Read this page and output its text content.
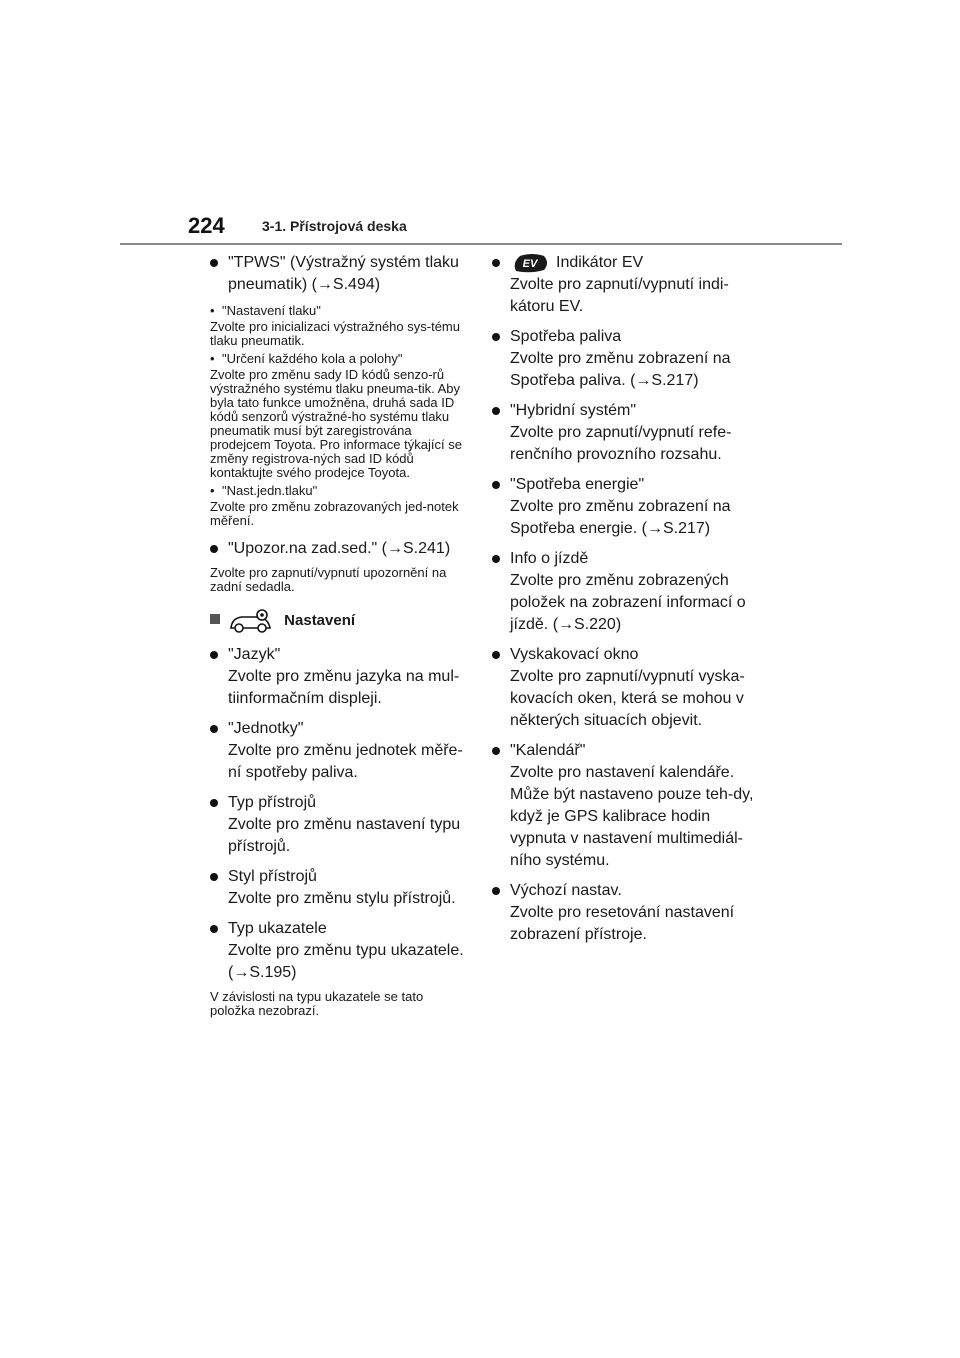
224	3-1. Přístrojová deska
"TPWS" (Výstražný systém tlaku
pneumatik) (→S.494)
• "Nastavení tlaku"
Zvolte pro inicializaci výstražného sys-tému tlaku pneumatik.
• "Určení každého kola a polohy"
Zvolte pro změnu sady ID kódů senzo-rů výstražného systému tlaku pneuma-tik. Aby byla tato funkce umožněna, druhá sada ID kódů senzorů výstražné-ho systému tlaku pneumatik musí být zaregistrována prodejcem Toyota. Pro informace týkající se změny registrova-ných sad ID kódů kontaktujte svého prodejce Toyota.
• "Nast.jedn.tlaku"
Zvolte pro změnu zobrazovaných jed-notek měření.
"Upozor.na zad.sed." (→S.241)
Zvolte pro zapnutí/vypnutí upozornění na zadní sedadla.
Nastavení
"Jazyk"
Zvolte pro změnu jazyka na mul-tiinformačním displeji.
"Jednotky"
Zvolte pro změnu jednotek měře-ní spotřeby paliva.
Typ přístrojů
Zvolte pro změnu nastavení typu přístrojů.
Styl přístrojů
Zvolte pro změnu stylu přístrojů.
Typ ukazatele
Zvolte pro změnu typu ukazatele. (→S.195)
V závislosti na typu ukazatele se tato položka nezobrazí.
EV Indikátor EV
Zvolte pro zapnutí/vypnutí indi-kátoru EV.
Spotřeba paliva
Zvolte pro změnu zobrazení na Spotřeba paliva. (→S.217)
"Hybridní systém"
Zvolte pro zapnutí/vypnutí refe-renčního provozního rozsahu.
"Spotřeba energie"
Zvolte pro změnu zobrazení na Spotřeba energie. (→S.217)
Info o jízdě
Zvolte pro změnu zobrazených položek na zobrazení informací o jízdě. (→S.220)
Vyskakovací okno
Zvolte pro zapnutí/vypnutí vyska-kovacích oken, která se mohou v některých situacích objevit.
"Kalendář"
Zvolte pro nastavení kalendáře. Může být nastaveno pouze teh-dy, když je GPS kalibrace hodin vypnuta v nastavení multimediál-ního systému.
Výchozí nastav.
Zvolte pro resetování nastavení zobrazení přístroje.
